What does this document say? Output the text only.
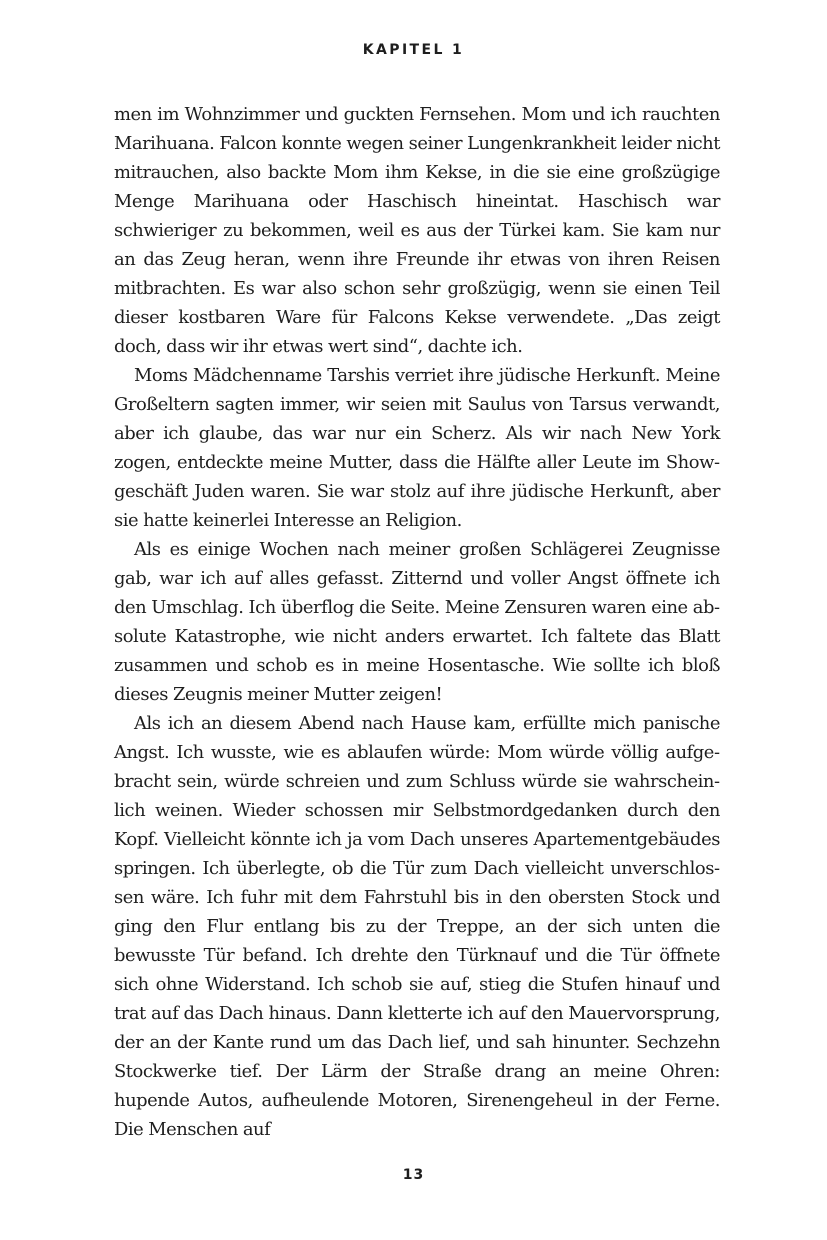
KAPITEL 1

men im Wohnzimmer und guckten Fernsehen. Mom und ich rauchten Marihuana. Falcon konnte wegen seiner Lungenkrankheit leider nicht mitrauchen, also backte Mom ihm Kekse, in die sie eine großzügige Menge Marihuana oder Haschisch hineintat. Haschisch war schwieriger zu bekommen, weil es aus der Türkei kam. Sie kam nur an das Zeug heran, wenn ihre Freunde ihr etwas von ihren Reisen mitbrachten. Es war also schon sehr großzügig, wenn sie einen Teil dieser kostbaren Ware für Falcons Kekse verwendete. „Das zeigt doch, dass wir ihr etwas wert sind“, dachte ich.

Moms Mädchenname Tarshis verriet ihre jüdische Herkunft. Meine Großeltern sagten immer, wir seien mit Saulus von Tarsus verwandt, aber ich glaube, das war nur ein Scherz. Als wir nach New York zogen, entdeckte meine Mutter, dass die Hälfte aller Leute im Showgeschäft Juden waren. Sie war stolz auf ihre jüdische Herkunft, aber sie hatte keinerlei Interesse an Religion.

Als es einige Wochen nach meiner großen Schlägerei Zeugnisse gab, war ich auf alles gefasst. Zitternd und voller Angst öffnete ich den Umschlag. Ich überflog die Seite. Meine Zensuren waren eine absolute Katastrophe, wie nicht anders erwartet. Ich faltete das Blatt zusammen und schob es in meine Hosentasche. Wie sollte ich bloß dieses Zeugnis meiner Mutter zeigen!

Als ich an diesem Abend nach Hause kam, erfüllte mich panische Angst. Ich wusste, wie es ablaufen würde: Mom würde völlig aufgebracht sein, würde schreien und zum Schluss würde sie wahrscheinlich weinen. Wieder schossen mir Selbstmordgedanken durch den Kopf. Vielleicht könnte ich ja vom Dach unseres Apartementgebäudes springen. Ich überlegte, ob die Tür zum Dach vielleicht unverschlossen wäre. Ich fuhr mit dem Fahrstuhl bis in den obersten Stock und ging den Flur entlang bis zu der Treppe, an der sich unten die bewusste Tür befand. Ich drehte den Türknauf und die Tür öffnete sich ohne Widerstand. Ich schob sie auf, stieg die Stufen hinauf und trat auf das Dach hinaus. Dann kletterte ich auf den Mauervorsprung, der an der Kante rund um das Dach lief, und sah hinunter. Sechzehn Stockwerke tief. Der Lärm der Straße drang an meine Ohren: hupende Autos, aufheulende Motoren, Sirenengeheul in der Ferne. Die Menschen auf

13
